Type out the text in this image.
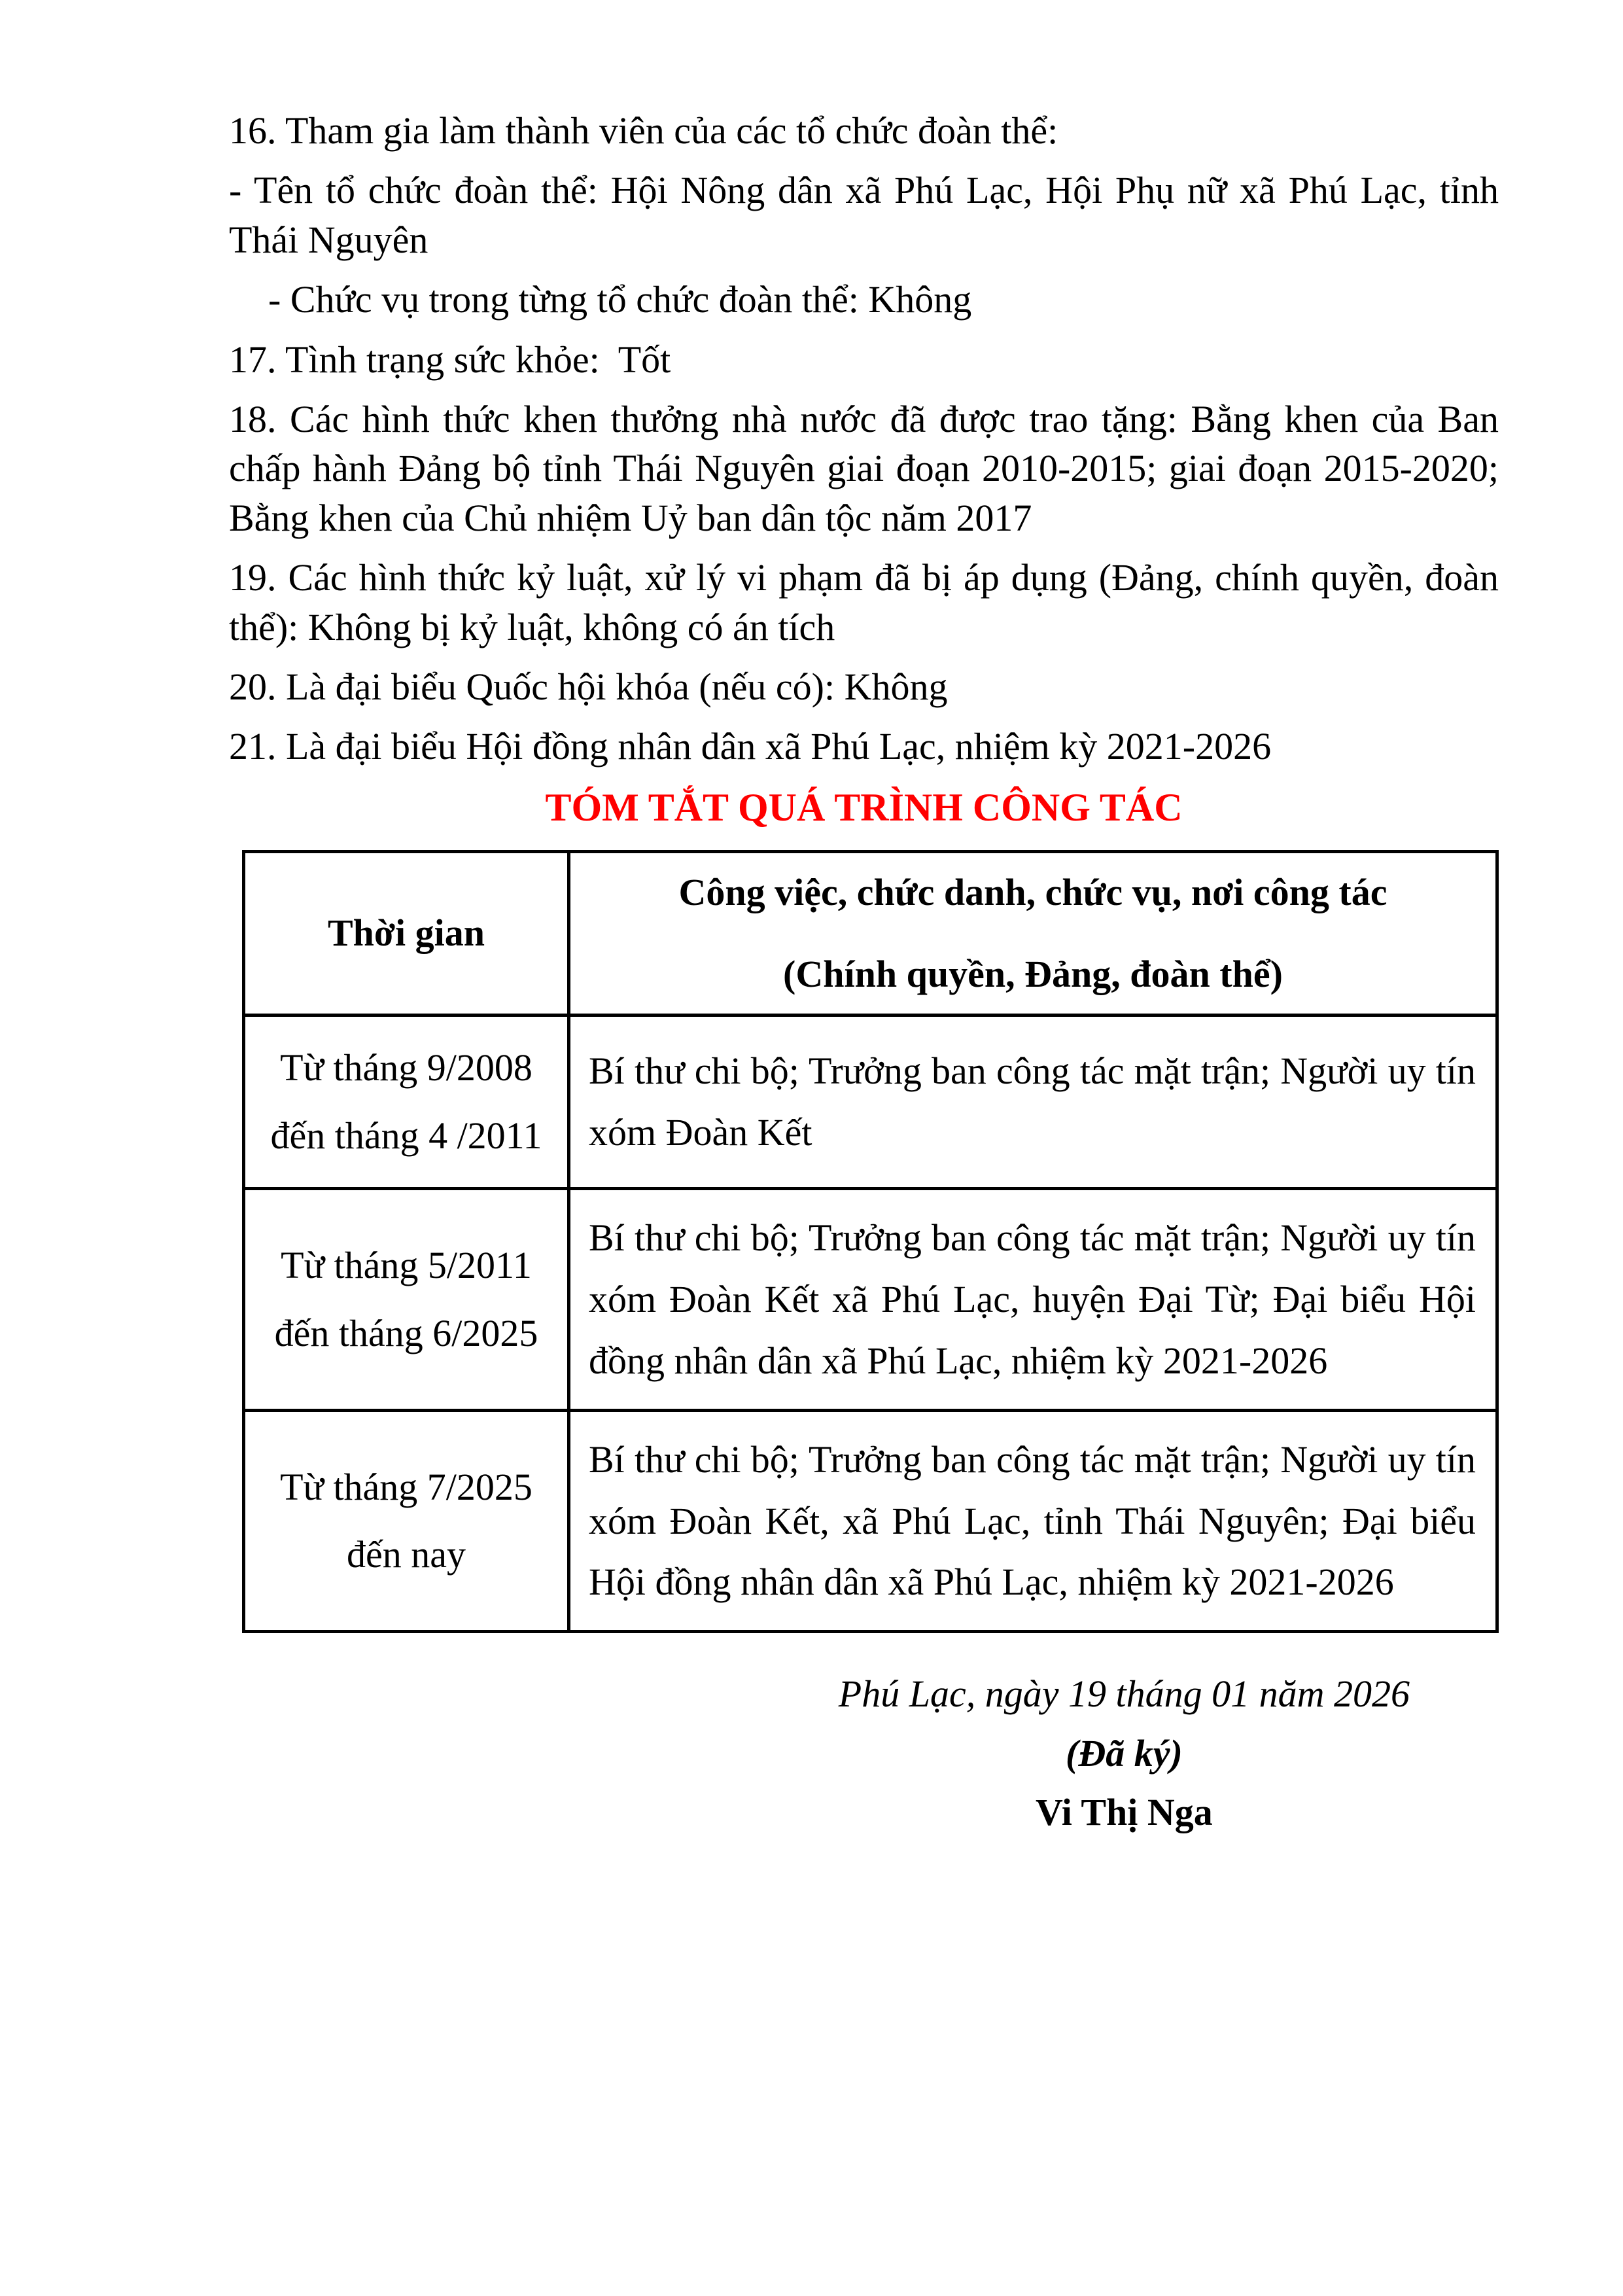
16. Tham gia làm thành viên của các tổ chức đoàn thể:

- Tên tổ chức đoàn thể: Hội Nông dân xã Phú Lạc, Hội Phụ nữ xã Phú Lạc, tỉnh Thái Nguyên

- Chức vụ trong từng tổ chức đoàn thể: Không

17. Tình trạng sức khỏe:  Tốt

18. Các hình thức khen thưởng nhà nước đã được trao tặng: Bằng khen của Ban chấp hành Đảng bộ tỉnh Thái Nguyên giai đoạn 2010-2015; giai đoạn 2015-2020; Bằng khen của Chủ nhiệm Uỷ ban dân tộc năm 2017

19. Các hình thức kỷ luật, xử lý vi phạm đã bị áp dụng (Đảng, chính quyền, đoàn thể): Không bị kỷ luật, không có án tích

20. Là đại biểu Quốc hội khóa (nếu có): Không

21. Là đại biểu Hội đồng nhân dân xã Phú Lạc, nhiệm kỳ 2021-2026

TÓM TẮT QUÁ TRÌNH CÔNG TÁC
Thời gian	Công việc, chức danh, chức vụ, nơi công tác
(Chính quyền, Đảng, đoàn thể)

Từ tháng 9/2008
đến tháng 4 /2011	Bí thư chi bộ; Trưởng ban công tác mặt trận; Người uy tín xóm Đoàn Kết

Từ tháng 5/2011
đến tháng 6/2025	Bí thư chi bộ; Trưởng ban công tác mặt trận; Người uy tín xóm Đoàn Kết xã Phú Lạc, huyện Đại Từ; Đại biểu Hội đồng nhân dân xã Phú Lạc, nhiệm kỳ 2021-2026

Từ tháng 7/2025
đến nay	Bí thư chi bộ; Trưởng ban công tác mặt trận; Người uy tín xóm Đoàn Kết, xã Phú Lạc, tỉnh Thái Nguyên; Đại biểu Hội đồng nhân dân xã Phú Lạc, nhiệm kỳ 2021-2026
Phú Lạc, ngày 19 tháng 01 năm 2026
(Đã ký)
Vi Thị Nga
